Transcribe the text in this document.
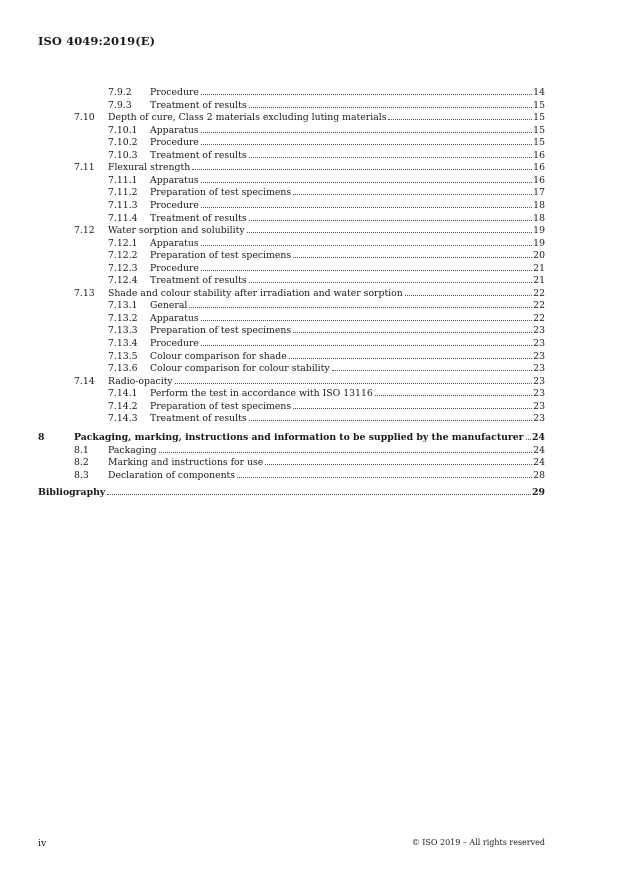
ISO 4049:2019(E)
7.9.2 Procedure	14
7.9.3 Treatment of results	15
7.10 Depth of cure, Class 2 materials excluding luting materials	15
7.10.1 Apparatus	15
7.10.2 Procedure	15
7.10.3 Treatment of results	16
7.11 Flexural strength	16
7.11.1 Apparatus	16
7.11.2 Preparation of test specimens	17
7.11.3 Procedure	18
7.11.4 Treatment of results	18
7.12 Water sorption and solubility	19
7.12.1 Apparatus	19
7.12.2 Preparation of test specimens	20
7.12.3 Procedure	21
7.12.4 Treatment of results	21
7.13 Shade and colour stability after irradiation and water sorption	22
7.13.1 General	22
7.13.2 Apparatus	22
7.13.3 Preparation of test specimens	23
7.13.4 Procedure	23
7.13.5 Colour comparison for shade	23
7.13.6 Colour comparison for colour stability	23
7.14 Radio-opacity	23
7.14.1 Perform the test in accordance with ISO 13116	23
7.14.2 Preparation of test specimens	23
7.14.3 Treatment of results	23
8	Packaging, marking, instructions and information to be supplied by the manufacturer 24
8.1 Packaging	24
8.2 Marking and instructions for use	24
8.3 Declaration of components	28
Bibliography	29
iv	© ISO 2019 – All rights reserved
